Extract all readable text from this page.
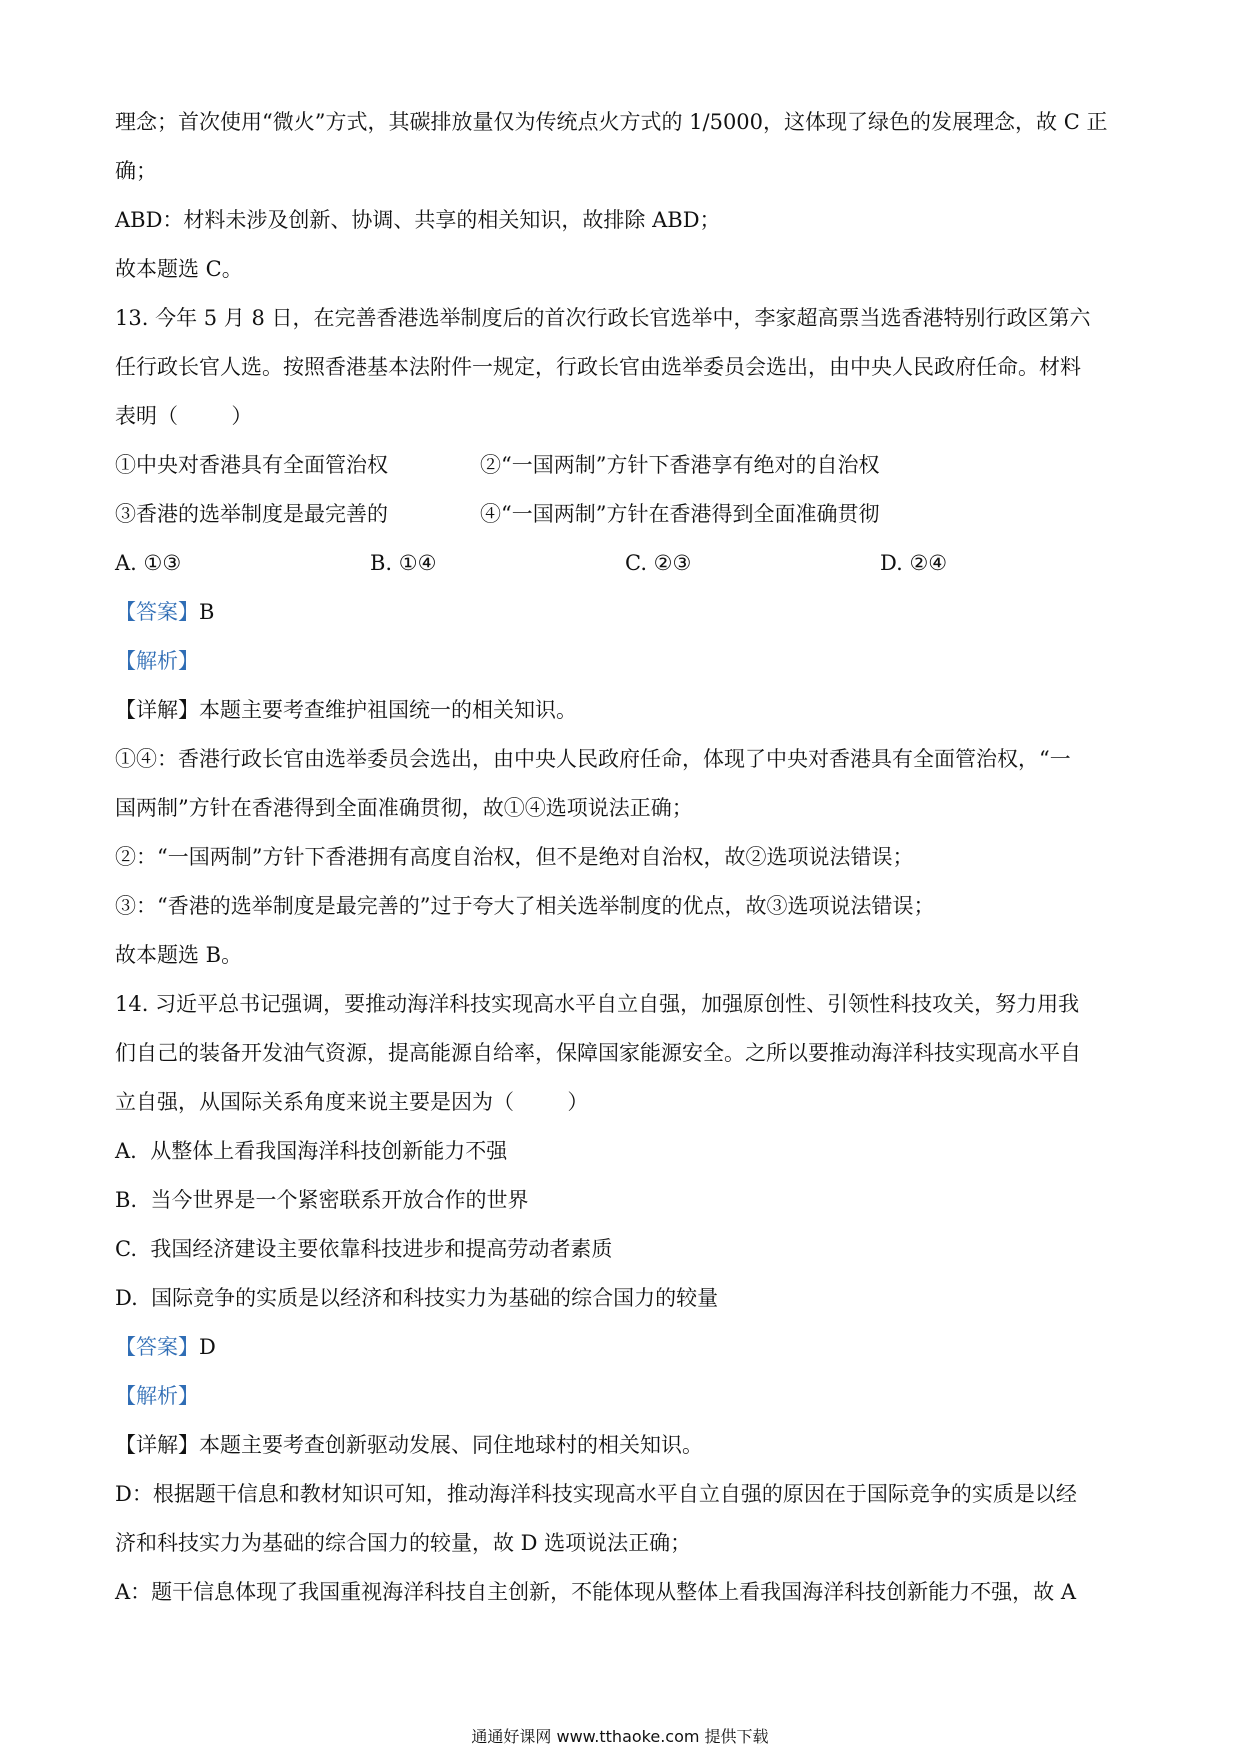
理念；首次使用“微火”方式，其碳排放量仅为传统点火方式的 1/5000，这体现了绿色的发展理念，故 C 正

确；

ABD：材料未涉及创新、协调、共享的相关知识，故排除 ABD；

故本题选 C。

13. 今年 5 月 8 日，在完善香港选举制度后的首次行政长官选举中，李家超高票当选香港特别行政区第六

任行政长官人选。按照香港基本法附件一规定，行政长官由选举委员会选出，由中央人民政府任命。材料

表明（        ）

①中央对香港具有全面管治权	②“一国两制”方针下香港享有绝对的自治权
③香港的选举制度是最完善的	④“一国两制”方针在香港得到全面准确贯彻
A. ①③	B. ①④	C. ②③	D. ②④

【答案】B

【解析】

【详解】本题主要考查维护祖国统一的相关知识。

①④：香港行政长官由选举委员会选出，由中央人民政府任命，体现了中央对香港具有全面管治权，“一

国两制”方针在香港得到全面准确贯彻，故①④选项说法正确；

②：“一国两制”方针下香港拥有高度自治权，但不是绝对自治权，故②选项说法错误；

③：“香港的选举制度是最完善的”过于夸大了相关选举制度的优点，故③选项说法错误；

故本题选 B。

14. 习近平总书记强调，要推动海洋科技实现高水平自立自强，加强原创性、引领性科技攻关，努力用我

们自己的装备开发油气资源，提高能源自给率，保障国家能源安全。之所以要推动海洋科技实现高水平自

立自强，从国际关系角度来说主要是因为（        ）

A.  从整体上看我国海洋科技创新能力不强

B.  当今世界是一个紧密联系开放合作的世界

C.  我国经济建设主要依靠科技进步和提高劳动者素质

D.  国际竞争的实质是以经济和科技实力为基础的综合国力的较量

【答案】D

【解析】

【详解】本题主要考查创新驱动发展、同住地球村的相关知识。

D：根据题干信息和教材知识可知，推动海洋科技实现高水平自立自强的原因在于国际竞争的实质是以经

济和科技实力为基础的综合国力的较量，故 D 选项说法正确；

A：题干信息体现了我国重视海洋科技自主创新，不能体现从整体上看我国海洋科技创新能力不强，故 A

通通好课网 www.tthaoke.com 提供下载
